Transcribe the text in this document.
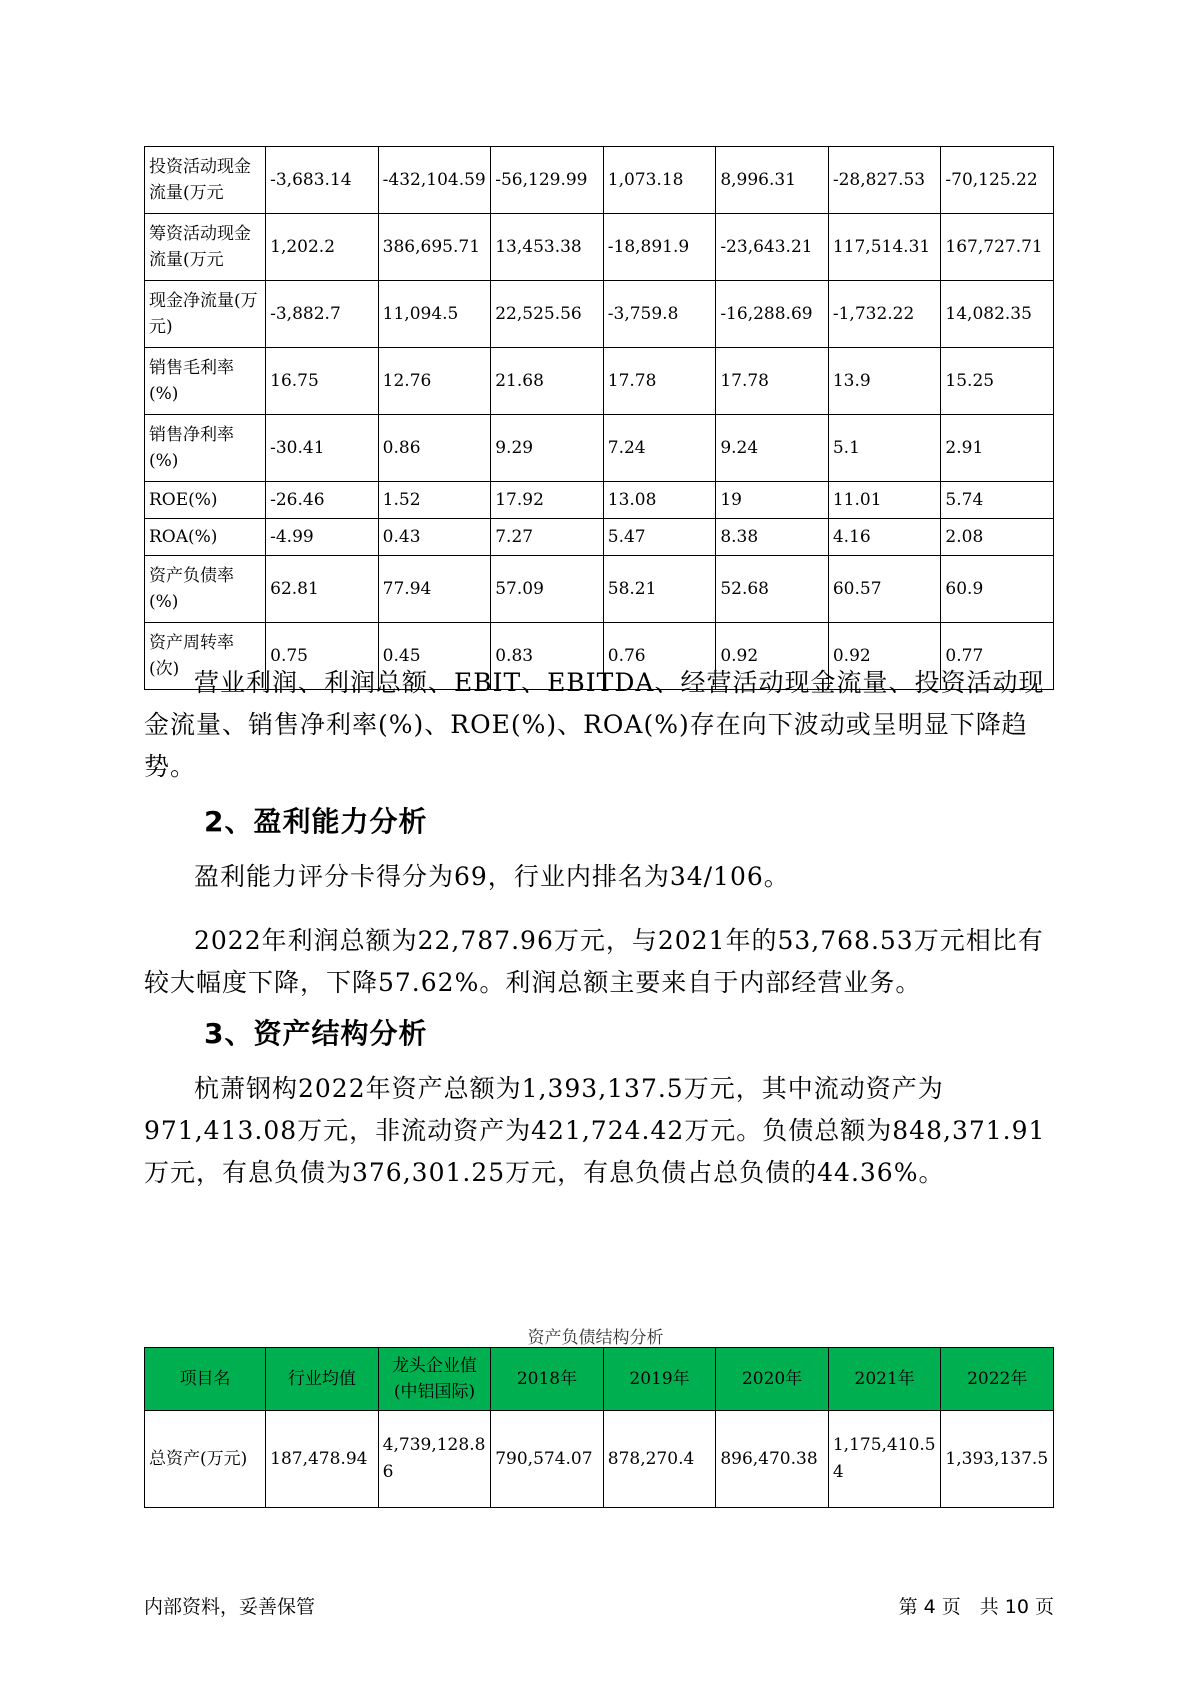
投资活动现金流量(万元	-3,683.14	-432,104.59	-56,129.99	1,073.18	8,996.31	-28,827.53	-70,125.22
筹资活动现金流量(万元	1,202.2	386,695.71	13,453.38	-18,891.9	-23,643.21	117,514.31	167,727.71
现金净流量(万元)	-3,882.7	11,094.5	22,525.56	-3,759.8	-16,288.69	-1,732.22	14,082.35
销售毛利率(%)	16.75	12.76	21.68	17.78	17.78	13.9	15.25
销售净利率(%)	-30.41	0.86	9.29	7.24	9.24	5.1	2.91
ROE(%)	-26.46	1.52	17.92	13.08	19	11.01	5.74
ROA(%)	-4.99	0.43	7.27	5.47	8.38	4.16	2.08
资产负债率(%)	62.81	77.94	57.09	58.21	52.68	60.57	60.9
资产周转率(次)	0.75	0.45	0.83	0.76	0.92	0.92	0.77

营业利润、利润总额、EBIT、EBITDA、经营活动现金流量、投资活动现金流量、销售净利率(%)、ROE(%)、ROA(%)存在向下波动或呈明显下降趋势。

2、盈利能力分析

盈利能力评分卡得分为69，行业内排名为34/106。

2022年利润总额为22,787.96万元，与2021年的53,768.53万元相比有较大幅度下降，下降57.62%。利润总额主要来自于内部经营业务。

3、资产结构分析

杭萧钢构2022年资产总额为1,393,137.5万元，其中流动资产为971,413.08万元，非流动资产为421,724.42万元。负债总额为848,371.91万元，有息负债为376,301.25万元，有息负债占总负债的44.36%。

资产负债结构分析
项目名	行业均值	龙头企业值(中铝国际)	2018年	2019年	2020年	2021年	2022年
总资产(万元)	187,478.94	4,739,128.86	790,574.07	878,270.4	896,470.38	1,175,410.54	1,393,137.5
内部资料，妥善保管	第 4 页　共 10 页
